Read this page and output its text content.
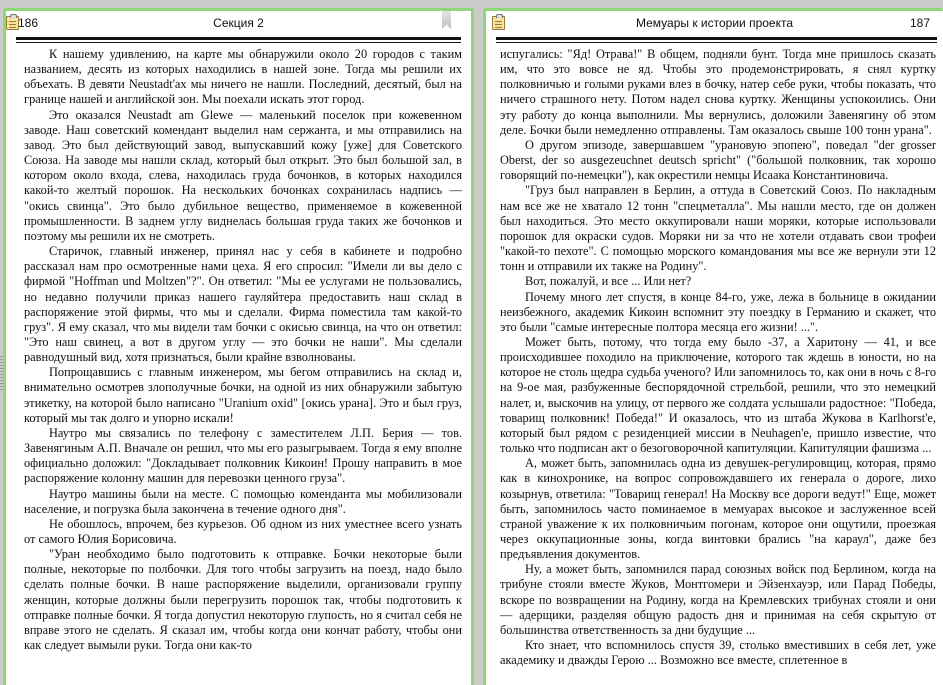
186	Секция 2

К нашему удивлению, на карте мы обнаружили около 20 городов с таким названием, десять из которых находились в нашей зоне. Тогда мы решили их объехать. В девяти Neustadt'ах мы ничего не нашли. Последний, десятый, был на границе нашей и английской зон. Мы поехали искать этот город.

Это оказался Neustadt am Glewe — маленький поселок при кожевенном заводе. Наш советский комендант выделил нам сержанта, и мы отправились на завод. Это был действующий завод, выпускавший кожу [уже] для Советского Союза. На заводе мы нашли склад, который был открыт. Это был большой зал, в котором около входа, слева, находилась груда бочонков, в которых находился какой-то желтый порошок. На нескольких бочонках сохранилась надпись — "окись свинца". Это было дубильное вещество, применяемое в кожевенной промышленности. В заднем углу виднелась большая груда таких же бочонков и поэтому мы решили их не смотреть.

Старичок, главный инженер, принял нас у себя в кабинете и подробно рассказал нам про осмотренные нами цеха. Я его спросил: "Имели ли вы дело с фирмой "Hoffman und Moltzen"?". Он ответил: "Мы ее услугами не пользовались, но недавно получили приказ нашего гауляйтера предоставить наш склад в распоряжение этой фирмы, что мы и сделали. Фирма поместила там какой-то груз". Я ему сказал, что мы видели там бочки с окисью свинца, на что он ответил: "Это наш свинец, а вот в другом углу — это бочки не наши". Мы сделали равнодушный вид, хотя признаться, были крайне взволнованы.

Попрощавшись с главным инженером, мы бегом отправились на склад и, внимательно осмотрев злополучные бочки, на одной из них обнаружили забытую этикетку, на которой было написано "Uranium oxid" [окись урана]. Это и был груз, который мы так долго и упорно искали!

Наутро мы связались по телефону с заместителем Л.П. Берия — тов. Завенягиным А.П. Вначале он решил, что мы его разыгрываем. Тогда я ему вполне официально доложил: "Докладывает полковник Кикоин! Прошу направить в мое распоряжение колонну машин для перевозки ценного груза".

Наутро машины были на месте. С помощью коменданта мы мобилизовали население, и погрузка была закончена в течение одного дня".

Не обошлось, впрочем, без курьезов. Об одном из них уместнее всего узнать от самого Юлия Борисовича.

"Уран необходимо было подготовить к отправке. Бочки некоторые были полные, некоторые по полбочки. Для того чтобы загрузить на поезд, надо было сделать полные бочки. В наше распоряжение выделили, организовали группу женщин, которые должны были перегрузить порошок так, чтобы подготовить к отправке полные бочки. Я тогда допустил некоторую глупость, но я считал себя не вправе этого не сделать. Я сказал им, чтобы когда они кончат работу, чтобы они как следует вымыли руки. Тогда они как-то

Мемуары к истории проекта	187

испугались: "Яд! Отрава!" В общем, подняли бунт. Тогда мне пришлось сказать им, что это вовсе не яд. Чтобы это продемонстрировать, я снял куртку полковничью и голыми руками влез в бочку, натер себе руки, чтобы показать, что ничего страшного нету. Потом надел снова куртку. Женщины успокоились. Они эту работу до конца выполнили. Мы вернулись, доложили Завенягину об этом деле. Бочки были немедленно отправлены. Там оказалось свыше 100 тонн урана".

О другом эпизоде, завершавшем "урановую эпопею", поведал "der grosser Oberst, der so ausgezeuchnet deutsch spricht" ("большой полковник, так хорошо говорящий по-немецки"), как окрестили немцы Исаака Константиновича.

"Груз был направлен в Берлин, а оттуда в Советский Союз. По накладным нам все же не хватало 12 тонн "спецметалла". Мы нашли место, где он должен был находиться. Это место оккупировали наши моряки, которые использовали порошок для окраски судов. Моряки ни за что не хотели отдавать свои трофеи "какой-то пехоте". С помощью морского командования мы все же вернули эти 12 тонн и отправили их также на Родину".

Вот, пожалуй, и все ... Или нет?

Почему много лет спустя, в конце 84-го, уже, лежа в больнице в ожидании неизбежного, академик Кикоин вспомнит эту поездку в Германию и скажет, что это были "самые интересные полтора месяца его жизни! ...".

Может быть, потому, что тогда ему было -37, а Харитону — 41, и все происходившее походило на приключение, которого так ждешь в юности, но на которое не столь щедра судьба ученого? Или запомнилось то, как они в ночь с 8-го на 9-ое мая, разбуженные беспорядочной стрельбой, решили, что это немецкий налет, и, выскочив на улицу, от первого же солдата услышали радостное: "Победа, товарищ полковник! Победа!" И оказалось, что из штаба Жукова в Karlhorst'e, который был рядом с резиденцией миссии в Neuhagen'e, пришло известие, что только что подписан акт о безоговорочной капитуляции. Капитуляции фашизма ...

А, может быть, запомнилась одна из девушек-регулировщиц, которая, прямо как в кинохронике, на вопрос сопровождавшего их генерала о дороге, лихо козырнув, ответила: "Товарищ генерал! На Москву все дороги ведут!" Еще, может быть, запомнилось часто поминаемое в мемуарах высокое и заслуженное всей страной уважение к их полковничьим погонам, которое они ощутили, проезжая через оккупационные зоны, когда винтовки брались "на караул", даже без предъявления документов.

Ну, а может быть, запомнился парад союзных войск под Берлином, когда на трибуне стояли вместе Жуков, Монтгомери и Эйзенхауэр, или Парад Победы, вскоре по возвращении на Родину, когда на Кремлевских трибунах стояли и они — адерщики, разделяя общую радость дня и принимая на себя скрытую от большинства ответственность за дни будущие ...

Кто знает, что вспомнилось спустя 39, столько вместивших в себя лет, уже академику и дважды Герою ... Возможно все вместе, сплетенное в
